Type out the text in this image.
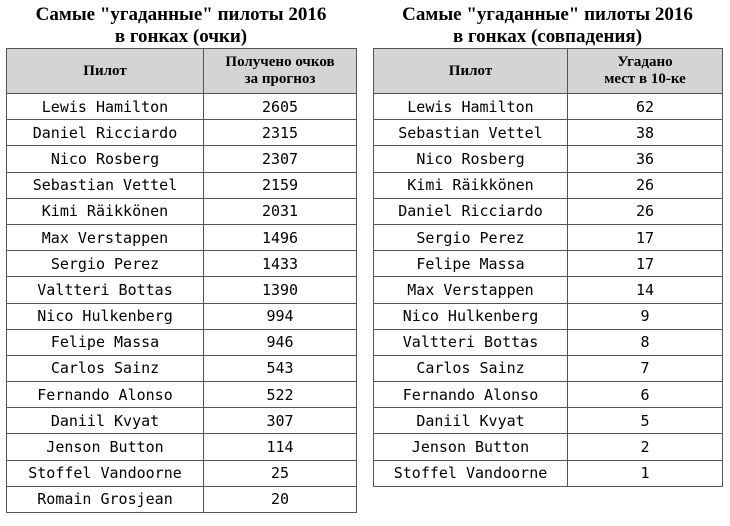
Самые "угаданные" пилоты 2016
в гонках (очки)
Пилот	Получено очков
за прогноз

Lewis Hamilton	2605
Daniel Ricciardo	2315
Nico Rosberg	2307
Sebastian Vettel	2159
Kimi Räikkönen	2031
Max Verstappen	1496
Sergio Perez	1433
Valtteri Bottas	1390
Nico Hulkenberg	994
Felipe Massa	946
Carlos Sainz	543
Fernando Alonso	522
Daniil Kvyat	307
Jenson Button	114
Stoffel Vandoorne	25
Romain Grosjean	20
Самые "угаданные" пилоты 2016
в гонках (совпадения)
Пилот	Угадано
мест в 10-ке

Lewis Hamilton	62
Sebastian Vettel	38
Nico Rosberg	36
Kimi Räikkönen	26
Daniel Ricciardo	26
Sergio Perez	17
Felipe Massa	17
Max Verstappen	14
Nico Hulkenberg	9
Valtteri Bottas	8
Carlos Sainz	7
Fernando Alonso	6
Daniil Kvyat	5
Jenson Button	2
Stoffel Vandoorne	1
